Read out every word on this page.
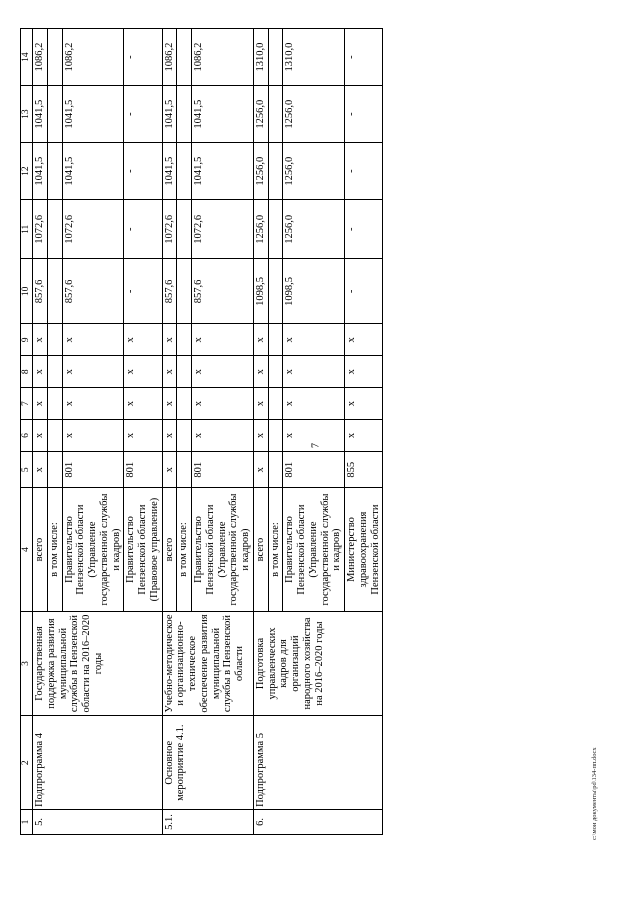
7
1	2	3	4	5	6	7	8	9	10	11	12	13	14
5.	Подпрограмма 4	Государственная поддержка развития муниципальной службы в Пензенской области на 2016–2020 годы	всего	х	х	х	х	х	857,6	1072,6	1041,5	1041,5	1086,2
			в том числе:										
			Правительство Пензенской области (Управление государственной службы и кадров)	801	х	х	х	х	857,6	1072,6	1041,5	1041,5	1086,2
			Правительство Пензенской области (Правовое управление)	801	х	х	х	х	-	-	-	-	-
5.1.	Основное мероприятие 4.1.	Учебно-методическое и организационно-техническое обеспечение развития муниципальной службы в Пензенской области	всего	х	х	х	х	х	857,6	1072,6	1041,5	1041,5	1086,2
			в том числе:										
			Правительство Пензенской области (Управление государственной службы и кадров)	801	х	х	х	х	857,6	1072,6	1041,5	1041,5	1086,2
6.	Подпрограмма 5	Подготовка управленческих кадров для организаций народного хозяйства на 2016–2020 годы	всего	х	х	х	х	х	1098,5	1256,0	1256,0	1256,0	1310,0
			в том числе:										
			Правительство Пензенской области (Управление государственной службы и кадров)	801	х	х	х	х	1098,5	1256,0	1256,0	1256,0	1310,0
			Министерство здравоохранения Пензенской области	855	х	х	х	х	-	-	-	-	-
c:\мои документы\pd\134-пп.docx
